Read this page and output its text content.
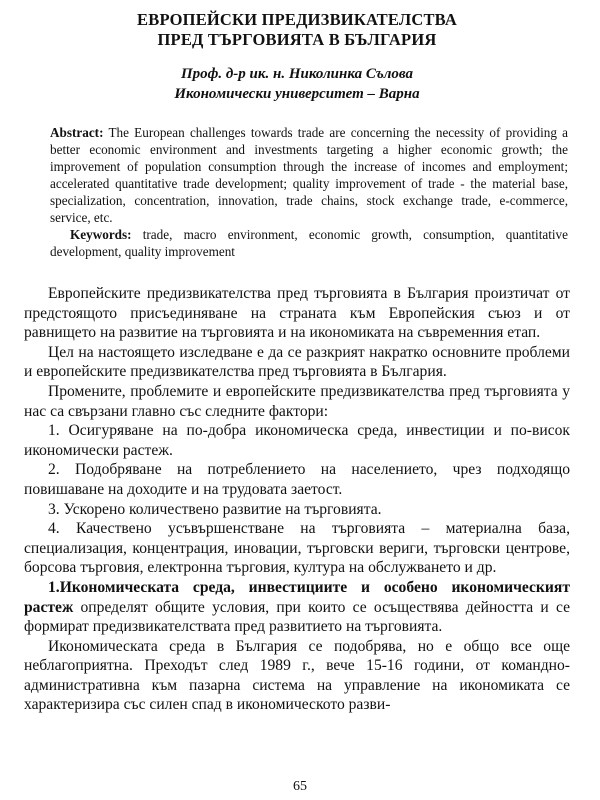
ЕВРОПЕЙСКИ ПРЕДИЗВИКАТЕЛСТВА
ПРЕД ТЪРГОВИЯТА В БЪЛГАРИЯ
Проф. д-р ик. н. Николинка Сълова
Икономически университет – Варна
Abstract: The European challenges towards trade are concerning the necessity of providing a better economic environment and investments targeting a higher economic growth; the improvement of population consumption through the increase of incomes and employment; accelerated quantitative trade development; quality improvement of trade - the material base, specialization, concentration, innovation, trade chains, stock exchange trade, e-commerce, service, etc.
Keywords: trade, macro environment, economic growth, consumption, quantitative development, quality improvement

Европейските предизвикателства пред търговията в България произтичат от предстоящото присъединяване на страната към Европейския съюз и от равнището на развитие на търговията и на икономиката на съвременния етап.

Цел на настоящето изследване е да се разкрият накратко основните проблеми и европейските предизвикателства пред търговията в България.

Промените, проблемите и европейските предизвикателства пред търговията у нас са свързани главно със следните фактори:

1. Осигуряване на по-добра икономическа среда, инвестиции и по-висок икономически растеж.

2. Подобряване на потреблението на населението, чрез подходящо повишаване на доходите и на трудовата заетост.

3. Ускорено количествено развитие на търговията.

4. Качествено усъвършенстване на търговията – материална база, специализация, концентрация, иновации, търговски вериги, търговски центрове, борсова търговия, електронна търговия, култура на обслужването и др.

1.Икономическата среда, инвестициите и особено икономическият растеж определят общите условия, при които се осъществява дейността и се формират предизвикателствата пред развитието на търговията.

Икономическата среда в България се подобрява, но е общо все още неблагоприятна. Преходът след 1989 г., вече 15-16 години, от командно-административна към пазарна система на управление на икономиката се характеризира със силен спад в икономическото разви-

65
